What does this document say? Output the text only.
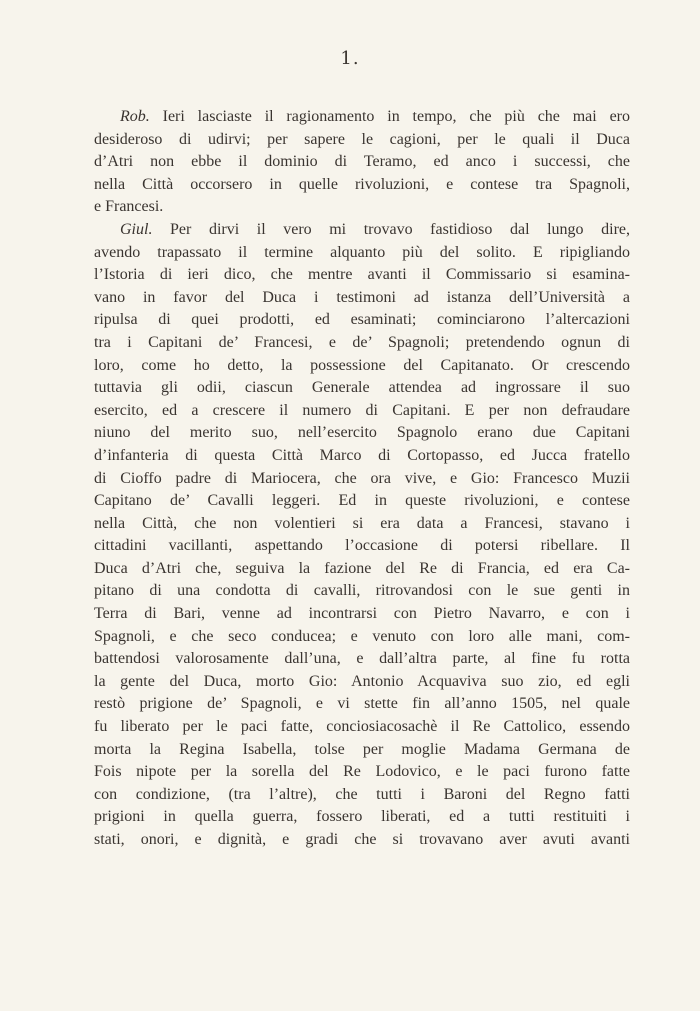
1.
Rob. Ieri lasciaste il ragionamento in tempo, che più che mai ero
desideroso di udirvi; per sapere le cagioni, per le quali il Duca
d’Atri non ebbe il dominio di Teramo, ed anco i successi, che
nella Città occorsero in quelle rivoluzioni, e contese tra Spagnoli,
e Francesi.
Giul. Per dirvi il vero mi trovavo fastidioso dal lungo dire,
avendo trapassato il termine alquanto più del solito. E ripigliando
l’Istoria di ieri dico, che mentre avanti il Commissario si esamina-
vano in favor del Duca i testimoni ad istanza dell’Università a
ripulsa di quei prodotti, ed esaminati; cominciarono l’altercazioni
tra i Capitani de’ Francesi, e de’ Spagnoli; pretendendo ognun di
loro, come ho detto, la possessione del Capitanato. Or crescendo
tuttavia gli odii, ciascun Generale attendea ad ingrossare il suo
esercito, ed a crescere il numero di Capitani. E per non defraudare
niuno del merito suo, nell’esercito Spagnolo erano due Capitani
d’infanteria di questa Città Marco di Cortopasso, ed Jucca fratello
di Cioffo padre di Mariocera, che ora vive, e Gio: Francesco Muzii
Capitano de’ Cavalli leggeri. Ed in queste rivoluzioni, e contese
nella Città, che non volentieri si era data a Francesi, stavano i
cittadini vacillanti, aspettando l’occasione di potersi ribellare. Il
Duca d’Atri che, seguiva la fazione del Re di Francia, ed era Ca-
pitano di una condotta di cavalli, ritrovandosi con le sue genti in
Terra di Bari, venne ad incontrarsi con Pietro Navarro, e con i
Spagnoli, e che seco conducea; e venuto con loro alle mani, com-
battendosi valorosamente dall’una, e dall’altra parte, al fine fu rotta
la gente del Duca, morto Gio: Antonio Acquaviva suo zio, ed egli
restò prigione de’ Spagnoli, e vi stette fin all’anno 1505, nel quale
fu liberato per le paci fatte, conciosiacosachè il Re Cattolico, essendo
morta la Regina Isabella, tolse per moglie Madama Germana de
Fois nipote per la sorella del Re Lodovico, e le paci furono fatte
con condizione, (tra l’altre), che tutti i Baroni del Regno fatti
prigioni in quella guerra, fossero liberati, ed a tutti restituiti i
stati, onori, e dignità, e gradi che si trovavano aver avuti avanti
